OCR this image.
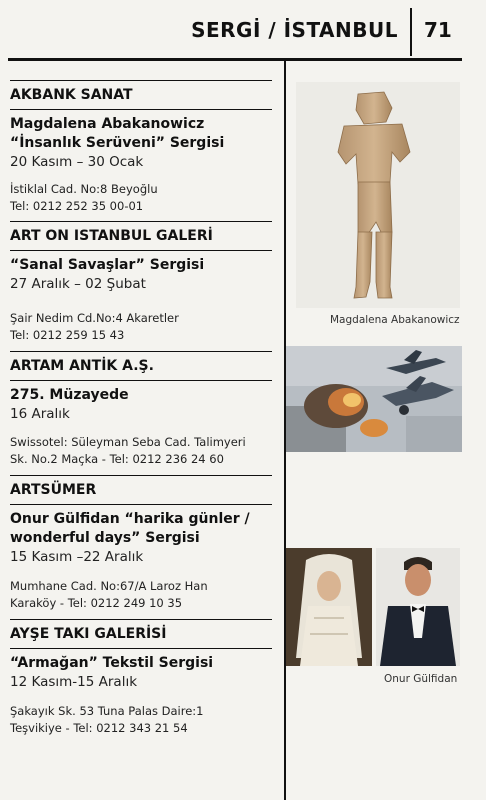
SERGİ / İSTANBUL 71
AKBANK SANAT
Magdalena Abakanowicz
“İnsanlık Serüveni” Sergisi
20 Kasım – 30 Ocak
İstiklal Cad. No:8 Beyoğlu
Tel: 0212 252 35 00-01
ART ON ISTANBUL GALERİ
“Sanal Savaşlar” Sergisi
27 Aralık – 02 Şubat
Şair Nedim Cd.No:4 Akaretler
Tel: 0212 259 15 43
ARTAM ANTİK A.Ş.
275. Müzayede
16 Aralık
Swissotel: Süleyman Seba Cad. Talimyeri
Sk. No.2 Maçka - Tel: 0212 236 24 60
ARTSÜMER
Onur Gülfidan “harika günler /
wonderful days” Sergisi
15 Kasım –22 Aralık
Mumhane Cad. No:67/A Laroz Han
Karaköy - Tel: 0212 249 10 35
AYŞE TAKI GALERİSİ
“Armağan” Tekstil Sergisi
12 Kasım-15 Aralık
Şakayık Sk. 53 Tuna Palas Daire:1
Teşvikiye - Tel: 0212 343 21 54
Magdalena Abakanowicz
Onur Gülfidan
